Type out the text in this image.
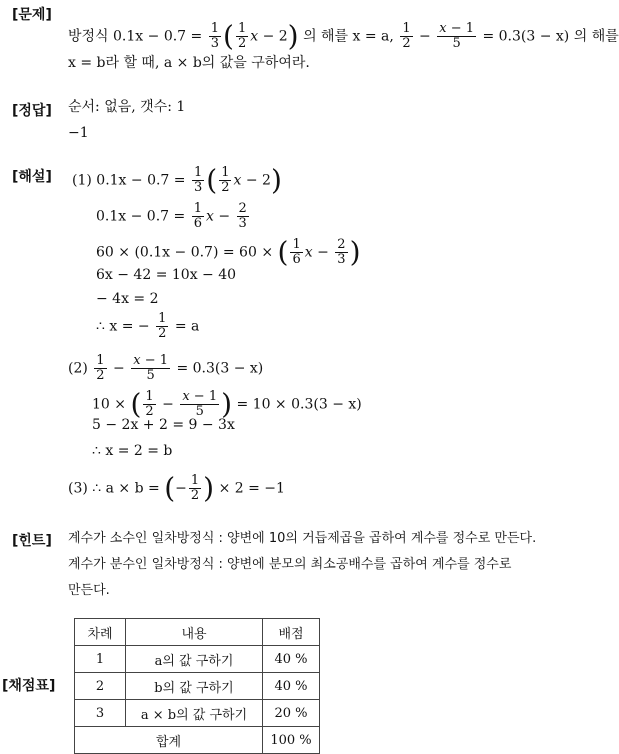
[문제]
[정답]
[해설]
[힌트]
[채점표]
방정식 $0.1x - 0.7 = \frac{1}{3}$ ( $\frac{1}{2}$ x − 2) 의 해를 x = a, $\frac{1}{2} - \frac{x - 1}{5} = 0.3(3 - x)$ 의 해를
x = b라 할 때, a × b의 값을 구하여라.
순서: 없음, 갯수: 1
−1
(1) $0.1x - 0.7 = \frac{1}{3}$ ( $\frac{1}{2}$ x − 2)
$0.1x - 0.7 = \frac{1}{6}$ $x - \frac{2}{3}$
60 × (0.1x − 0.7) = 60 × ( $\frac{1}{6}$ $x - \frac{2}{3}$ )
6x − 42 = 10x − 40
− 4x = 2
∴ x = − $\frac{1}{2} = a$
$(2) \frac{1}{2} - \frac{x - 1}{5} = 0.3(3 - x)$
10 × ( $\frac{1}{2} - \frac{x - 1}{5}$ ) = 10 × 0.3(3 − x)
5 − 2x + 2 = 9 − 3x
∴ x = 2 = b
(3) ∴ a × b = (− $\frac{1}{2}$ ) × 2 = −1
계수가 소수인 일차방정식 : 양변에 10의 거듭제곱을 곱하여 계수를 정수로 만든다.
계수가 분수인 일차방정식 : 양변에 분모의 최소공배수를 곱하여 계수를 정수로
만든다.
차례	내용	배점
1	a의 값 구하기	40 %
2	b의 값 구하기	40 %
3	a × b의 값 구하기	20 %
합계		100 %
